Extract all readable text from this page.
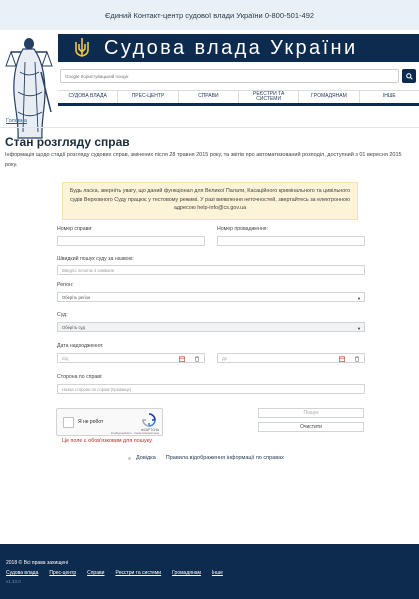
Єдиний Контакт-центр судової влади України 0-800-501-492
Судова влада України
Google Користувацький пошук
СУДОВА ВЛАДА	ПРЕС-ЦЕНТР	СПРАВИ	РЕЄСТРИ ТА СИСТЕМИ	ГРОМАДЯНАМ	ІНШЕ
Головна
Стан розгляду справ

Інформація щодо стадії розгляду судових справ, змінених після 28 травня 2015 року, та звітів про автоматизований розподіл, доступний з 01 вересня 2015 року.

Будь ласка, зверніть увагу, що даний функціонал для Великої Палати, Касаційного кримінального та цивільного судів Верховного Суду працює у тестовому режимі. У разі виявлення неточностей, звертайтесь за електронною адресою help-info@cs.gov.ua
Номер справи:	Номер провадження:
Швидкий пошук суду за назвою:
Введіть початок 3 символи
Регіон:
Оберіть регіон	▼
Суд:
Оберіть суд	▼
Дата надходження:
Від	До
Сторона по справі:
Назва сторони по справі (прізвище)
Я не робот
reCAPTCHA
Конфіденційність · Умови використання
Це поле є обов'язковим для пошуку.
Пошук
Очистити
Довідка Правила відображення інформації по справах
2018 © Всі права захищені
Судова влада Прес-центр Справи Реєстри та системи Громадянам Інше
v1.33.0
